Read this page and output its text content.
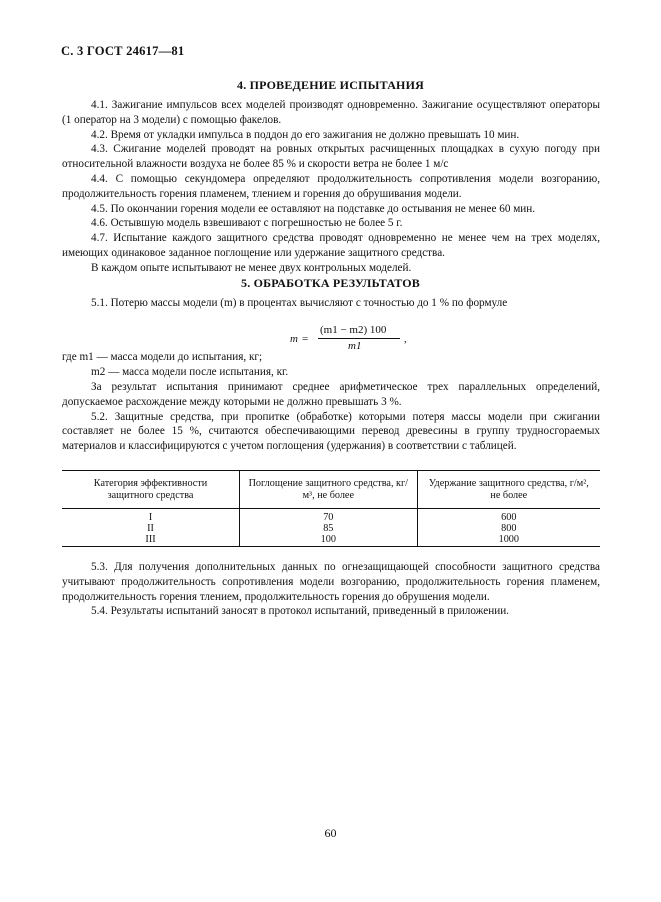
С. 3 ГОСТ 24617—81
4. ПРОВЕДЕНИЕ ИСПЫТАНИЯ

4.1. Зажигание импульсов всех моделей производят одновременно. Зажигание осуществляют операторы (1 оператор на 3 модели) с помощью факелов.

4.2. Время от укладки импульса в поддон до его зажигания не должно превышать 10 мин.

4.3. Сжигание моделей проводят на ровных открытых расчищенных площадках в сухую погоду при относительной влажности воздуха не более 85 % и скорости ветра не более 1 м/с

4.4. С помощью секундомера определяют продолжительность сопротивления модели возгоранию, продолжительность горения пламенем, тлением и горения до обрушивания модели.

4.5. По окончании горения модели ее оставляют на подставке до остывания не менее 60 мин.

4.6. Остывшую модель взвешивают с погрешностью не более 5 г.

4.7. Испытание каждого защитного средства проводят одновременно не менее чем на трех моделях, имеющих одинаковое заданное поглощение или удержание защитного средства.

В каждом опыте испытывают не менее двух контрольных моделей.

5. ОБРАБОТКА РЕЗУЛЬТАТОВ

5.1. Потерю массы модели (m) в процентах вычисляют с точностью до 1 % по формуле

m =
(m1 − m2) 100
m1
,

где m1 — масса модели до испытания, кг;

m2 — масса модели после испытания, кг.

За результат испытания принимают среднее арифметическое трех параллельных определений, допускаемое расхождение между которыми не должно превышать 3 %.

5.2. Защитные средства, при пропитке (обработке) которыми потеря массы модели при сжигании составляет не более 15 %, считаются обеспечивающими перевод древесины в группу трудносгораемых материалов и классифицируются с учетом поглощения (удержания) в соответствии с таблицей.

Категория эффективности защитного средства	Поглощение защитного средства, кг/м³, не более	Удержание защитного средства, г/м², не более
I	70	600
II	85	800
III	100	1000

5.3. Для получения дополнительных данных по огнезащищающей способности защитного средства учитывают продолжительность сопротивления модели возгоранию, продолжительность горения пламенем, продолжительность горения тлением, продолжительность горения до обрушения модели.

5.4. Результаты испытаний заносят в протокол испытаний, приведенный в приложении.

60
